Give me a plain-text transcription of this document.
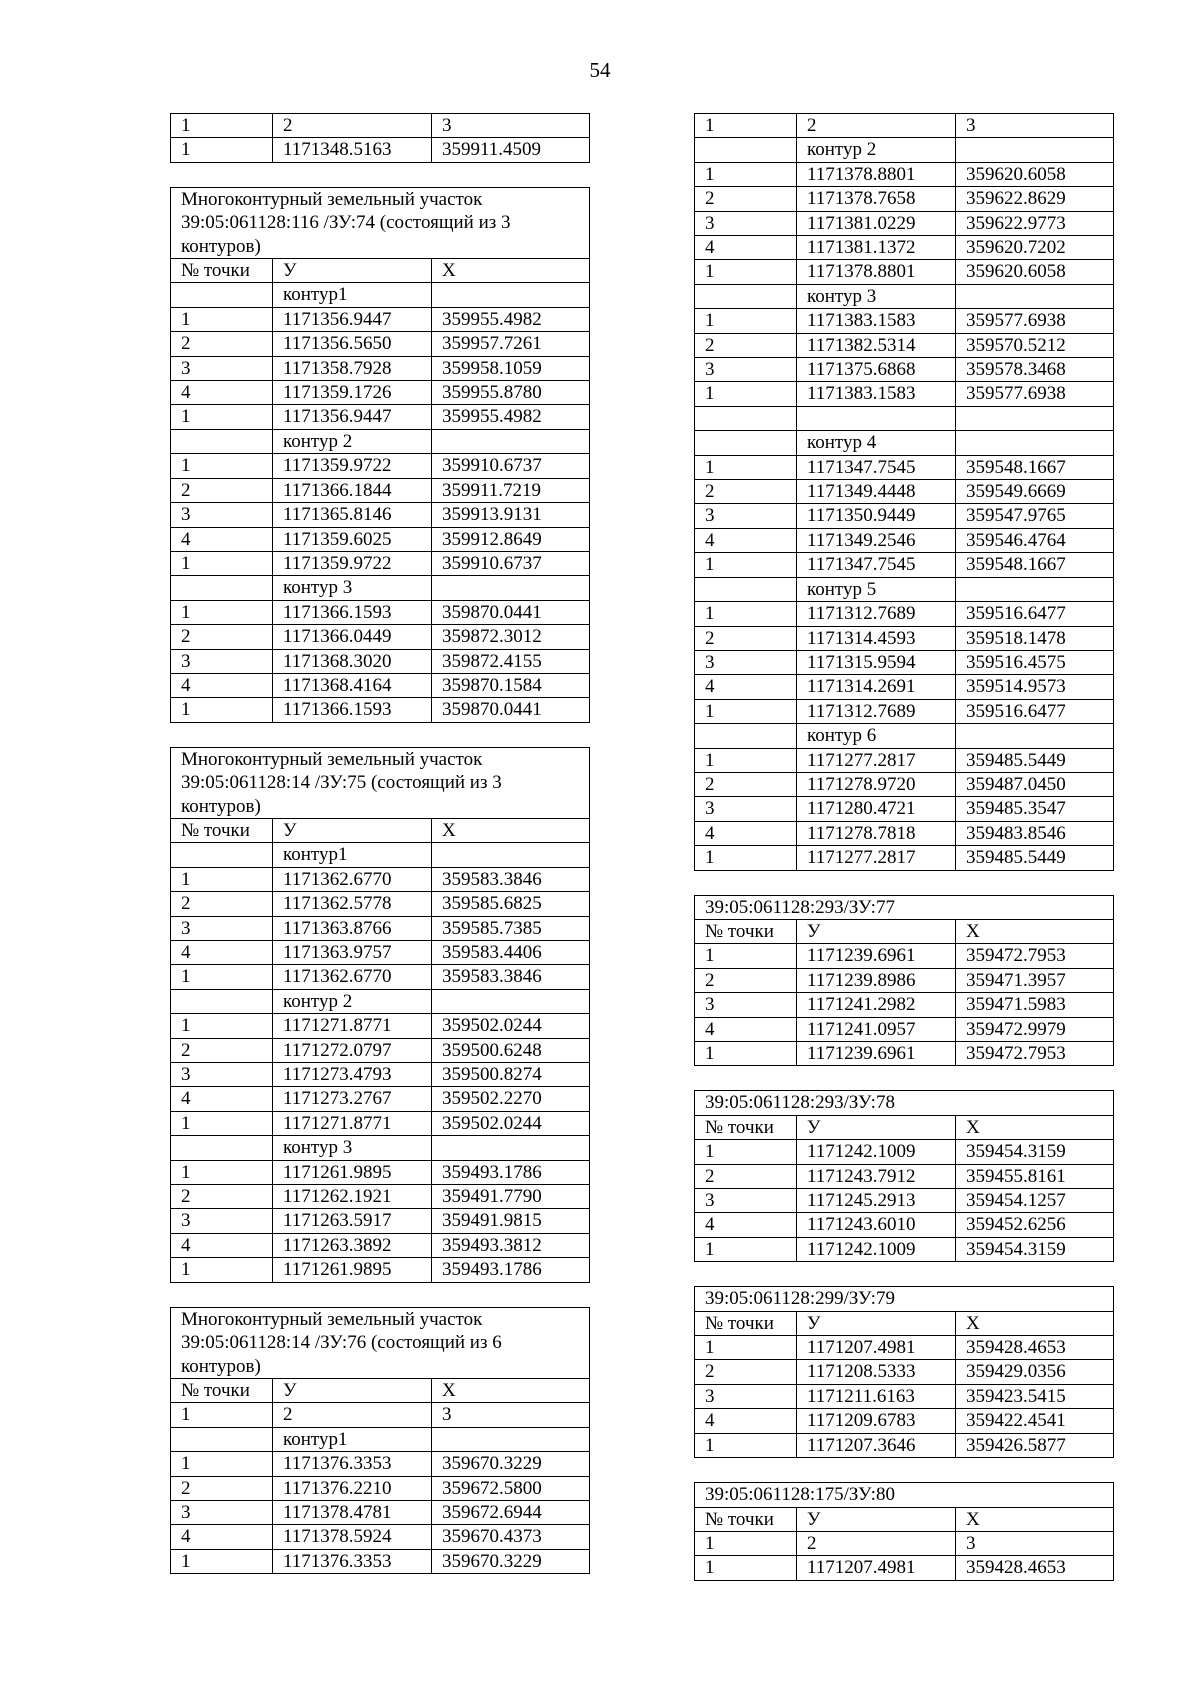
54
1	2	3
1	1171348.5163	359911.4509
Многоконтурный земельный участок 39:05:061128:116 /ЗУ:74 (состоящий из 3 контуров)		
№ точки	У	Х
	контур1	
1	1171356.9447	359955.4982
2	1171356.5650	359957.7261
3	1171358.7928	359958.1059
4	1171359.1726	359955.8780
1	1171356.9447	359955.4982
	контур 2	
1	1171359.9722	359910.6737
2	1171366.1844	359911.7219
3	1171365.8146	359913.9131
4	1171359.6025	359912.8649
1	1171359.9722	359910.6737
	контур 3	
1	1171366.1593	359870.0441
2	1171366.0449	359872.3012
3	1171368.3020	359872.4155
4	1171368.4164	359870.1584
1	1171366.1593	359870.0441
Многоконтурный земельный участок 39:05:061128:14 /ЗУ:75 (состоящий из 3 контуров)		
№ точки	У	Х
	контур1	
1	1171362.6770	359583.3846
2	1171362.5778	359585.6825
3	1171363.8766	359585.7385
4	1171363.9757	359583.4406
1	1171362.6770	359583.3846
	контур 2	
1	1171271.8771	359502.0244
2	1171272.0797	359500.6248
3	1171273.4793	359500.8274
4	1171273.2767	359502.2270
1	1171271.8771	359502.0244
	контур 3	
1	1171261.9895	359493.1786
2	1171262.1921	359491.7790
3	1171263.5917	359491.9815
4	1171263.3892	359493.3812
1	1171261.9895	359493.1786
Многоконтурный земельный участок 39:05:061128:14 /ЗУ:76 (состоящий из 6 контуров)		
№ точки	У	Х
1	2	3
	контур1	
1	1171376.3353	359670.3229
2	1171376.2210	359672.5800
3	1171378.4781	359672.6944
4	1171378.5924	359670.4373
1	1171376.3353	359670.3229
1	2	3
	контур 2	
1	1171378.8801	359620.6058
2	1171378.7658	359622.8629
3	1171381.0229	359622.9773
4	1171381.1372	359620.7202
1	1171378.8801	359620.6058
	контур 3	
1	1171383.1583	359577.6938
2	1171382.5314	359570.5212
3	1171375.6868	359578.3468
1	1171383.1583	359577.6938

	контур 4	
1	1171347.7545	359548.1667
2	1171349.4448	359549.6669
3	1171350.9449	359547.9765
4	1171349.2546	359546.4764
1	1171347.7545	359548.1667
	контур 5	
1	1171312.7689	359516.6477
2	1171314.4593	359518.1478
3	1171315.9594	359516.4575
4	1171314.2691	359514.9573
1	1171312.7689	359516.6477
	контур 6	
1	1171277.2817	359485.5449
2	1171278.9720	359487.0450
3	1171280.4721	359485.3547
4	1171278.7818	359483.8546
1	1171277.2817	359485.5449
39:05:061128:293/ЗУ:77		
№ точки	У	Х
1	1171239.6961	359472.7953
2	1171239.8986	359471.3957
3	1171241.2982	359471.5983
4	1171241.0957	359472.9979
1	1171239.6961	359472.7953
39:05:061128:293/ЗУ:78		
№ точки	У	Х
1	1171242.1009	359454.3159
2	1171243.7912	359455.8161
3	1171245.2913	359454.1257
4	1171243.6010	359452.6256
1	1171242.1009	359454.3159
39:05:061128:299/ЗУ:79		
№ точки	У	Х
1	1171207.4981	359428.4653
2	1171208.5333	359429.0356
3	1171211.6163	359423.5415
4	1171209.6783	359422.4541
1	1171207.3646	359426.5877
39:05:061128:175/ЗУ:80		
№ точки	У	Х
1	2	3
1	1171207.4981	359428.4653
